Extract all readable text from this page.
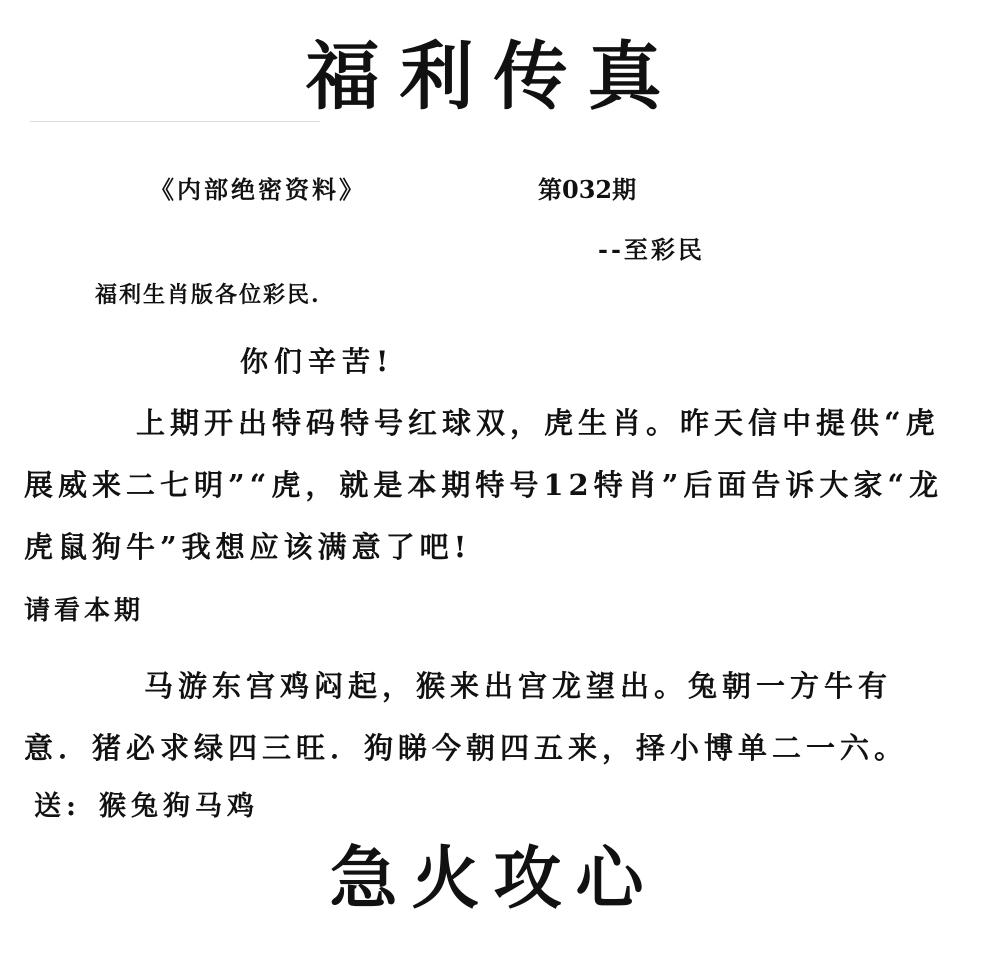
福利传真
《内部绝密资料》	第032期
--至彩民
福利生肖版各位彩民.
你们辛苦!

上期开出特码特号红球双，虎生肖。昨天信中提供“虎展威来二七明”“虎，就是本期特号12特肖”后面告诉大家“龙虎鼠狗牛”我想应该满意了吧!

请看本期

马游东宫鸡闷起，猴来出宫龙望出。兔朝一方牛有意．猪必求绿四三旺．狗睇今朝四五来，择小博单二一六。

送: 猴兔狗马鸡
急火攻心
